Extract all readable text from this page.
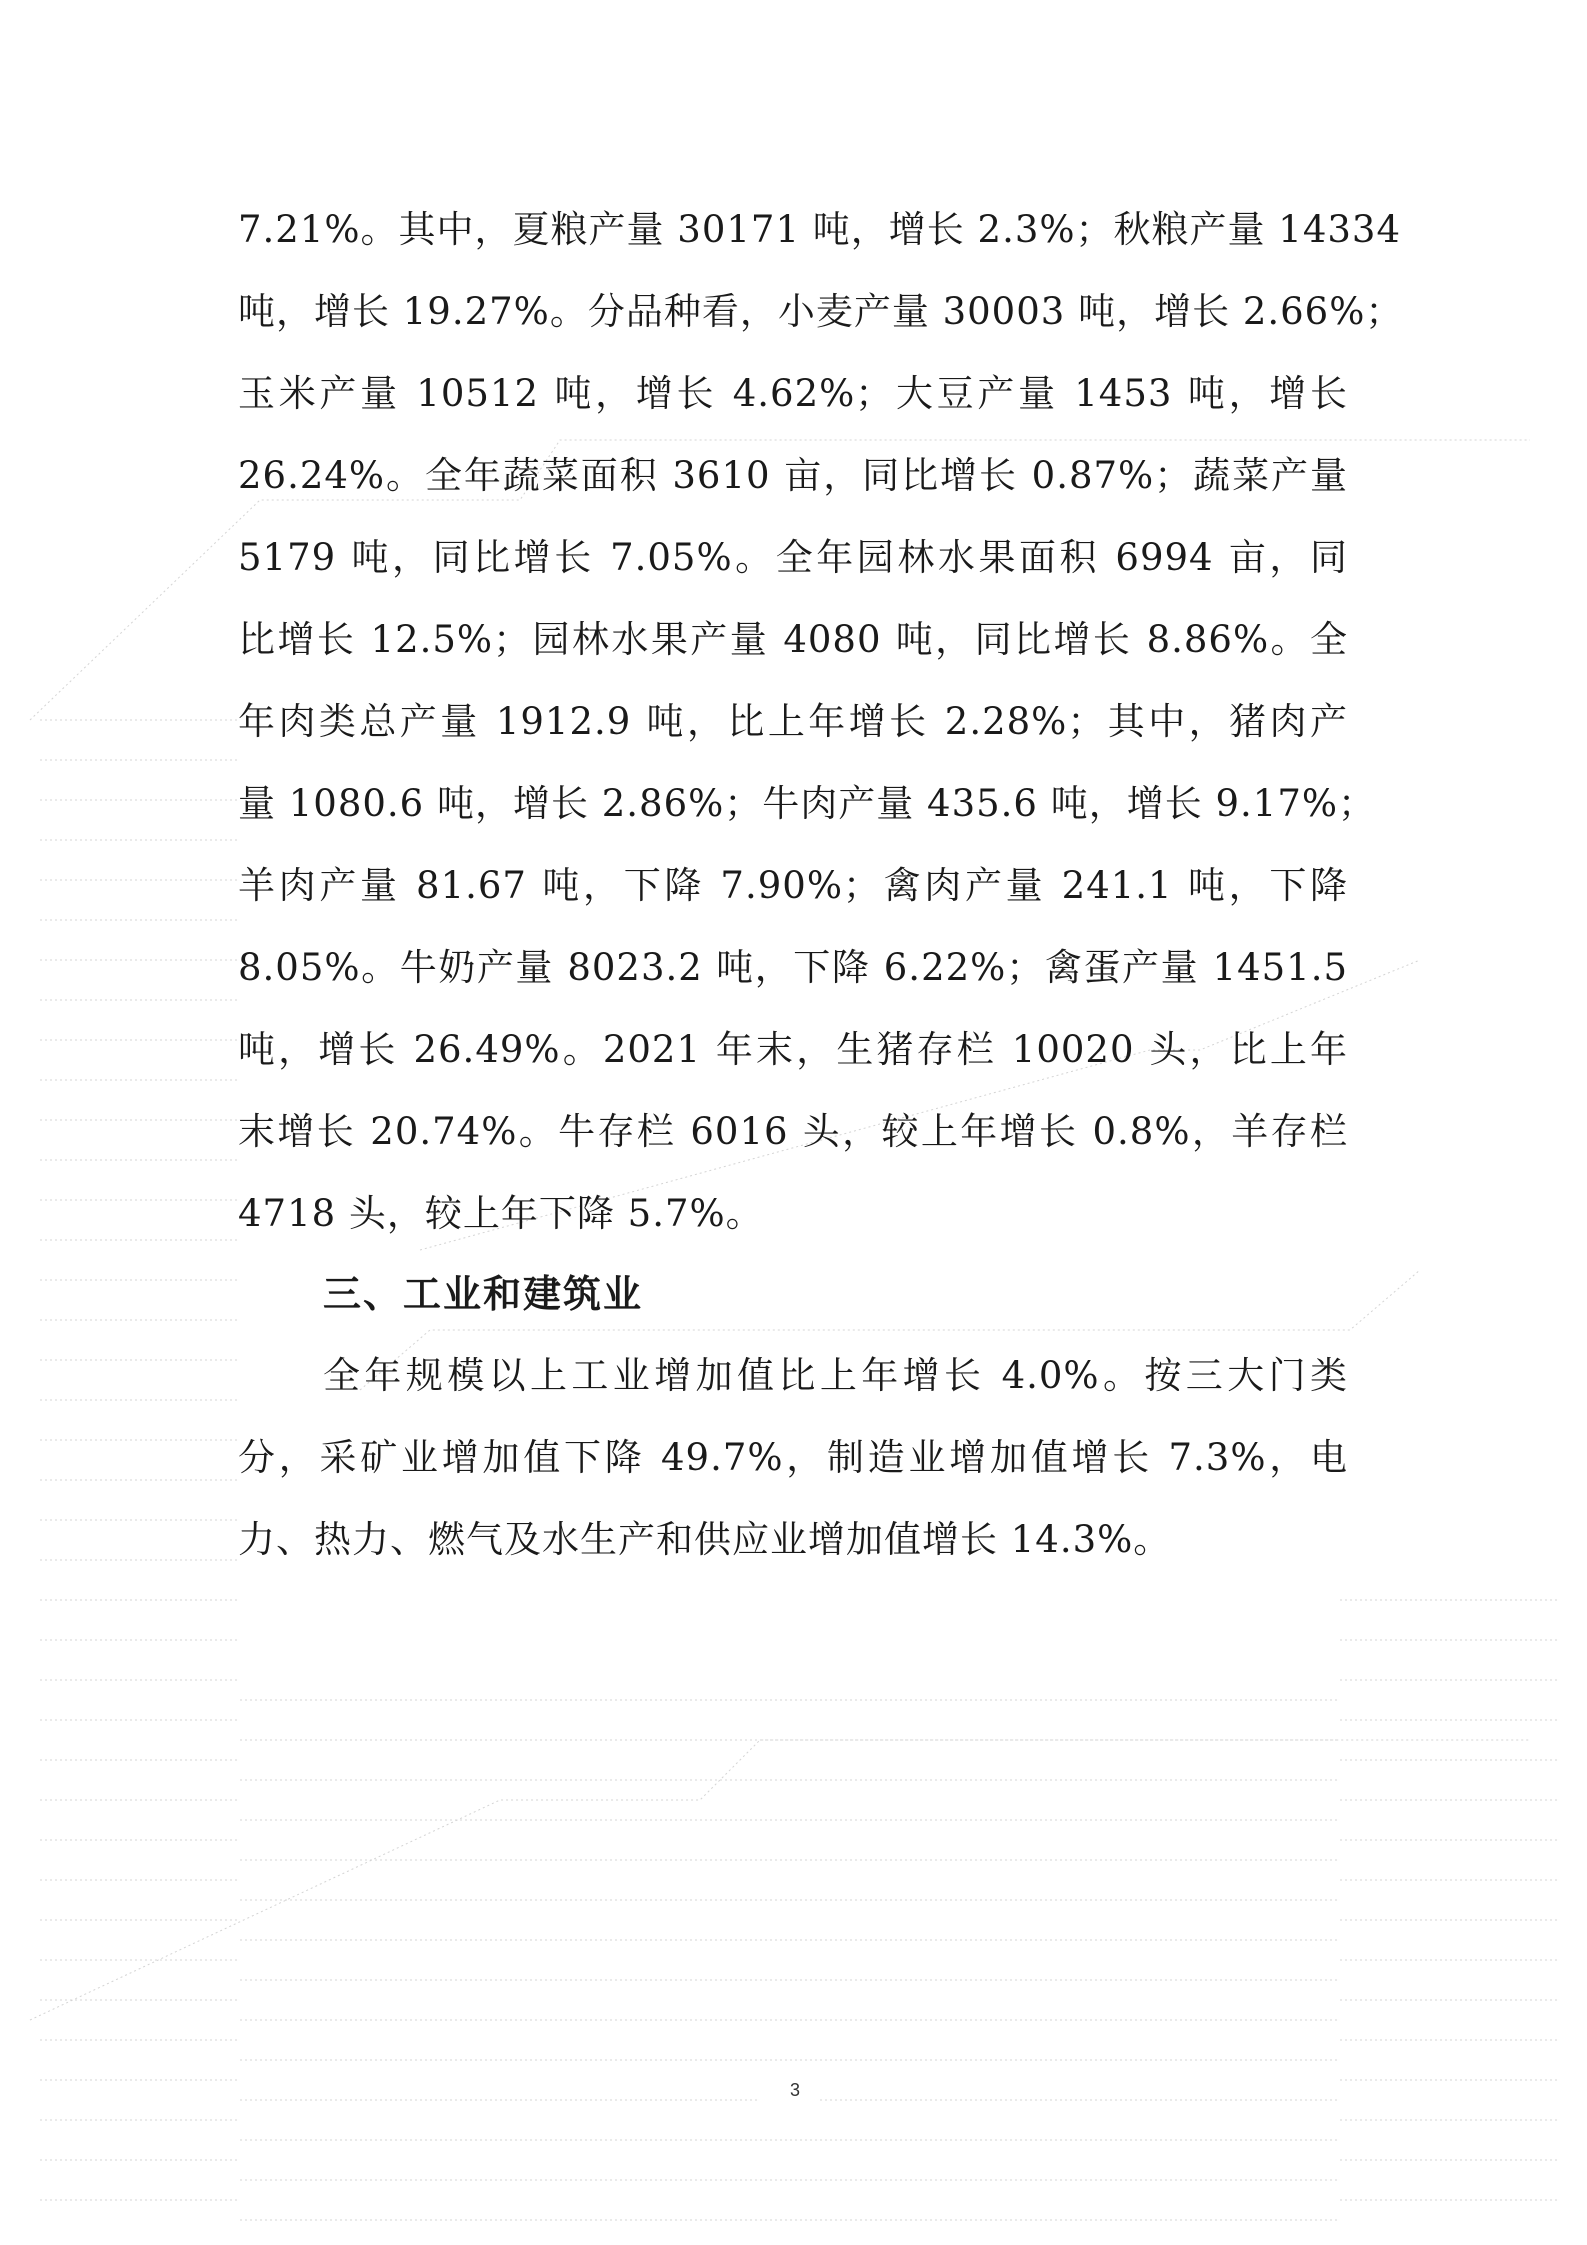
7.21%。其中，夏粮产量 30171 吨，增长 2.3%；秋粮产量 14334
吨，增长 19.27%。分品种看，小麦产量 30003 吨，增长 2.66%；
玉米产量 10512 吨，增长 4.62%；大豆产量 1453 吨，增长
26.24%。全年蔬菜面积 3610 亩，同比增长 0.87%；蔬菜产量
5179 吨，同比增长 7.05%。全年园林水果面积 6994 亩，同
比增长 12.5%；园林水果产量 4080 吨，同比增长 8.86%。全
年肉类总产量 1912.9 吨，比上年增长 2.28%；其中，猪肉产
量 1080.6 吨，增长 2.86%；牛肉产量 435.6 吨，增长 9.17%；
羊肉产量 81.67 吨，下降 7.90%；禽肉产量 241.1 吨，下降
8.05%。牛奶产量 8023.2 吨，下降 6.22%；禽蛋产量 1451.5
吨，增长 26.49%。2021 年末，生猪存栏 10020 头，比上年
末增长 20.74%。牛存栏 6016 头，较上年增长 0.8%，羊存栏
4718 头，较上年下降 5.7%。
三、工业和建筑业
全年规模以上工业增加值比上年增长 4.0%。按三大门类
分，采矿业增加值下降 49.7%，制造业增加值增长 7.3%，电
力、热力、燃气及水生产和供应业增加值增长 14.3%。
3
